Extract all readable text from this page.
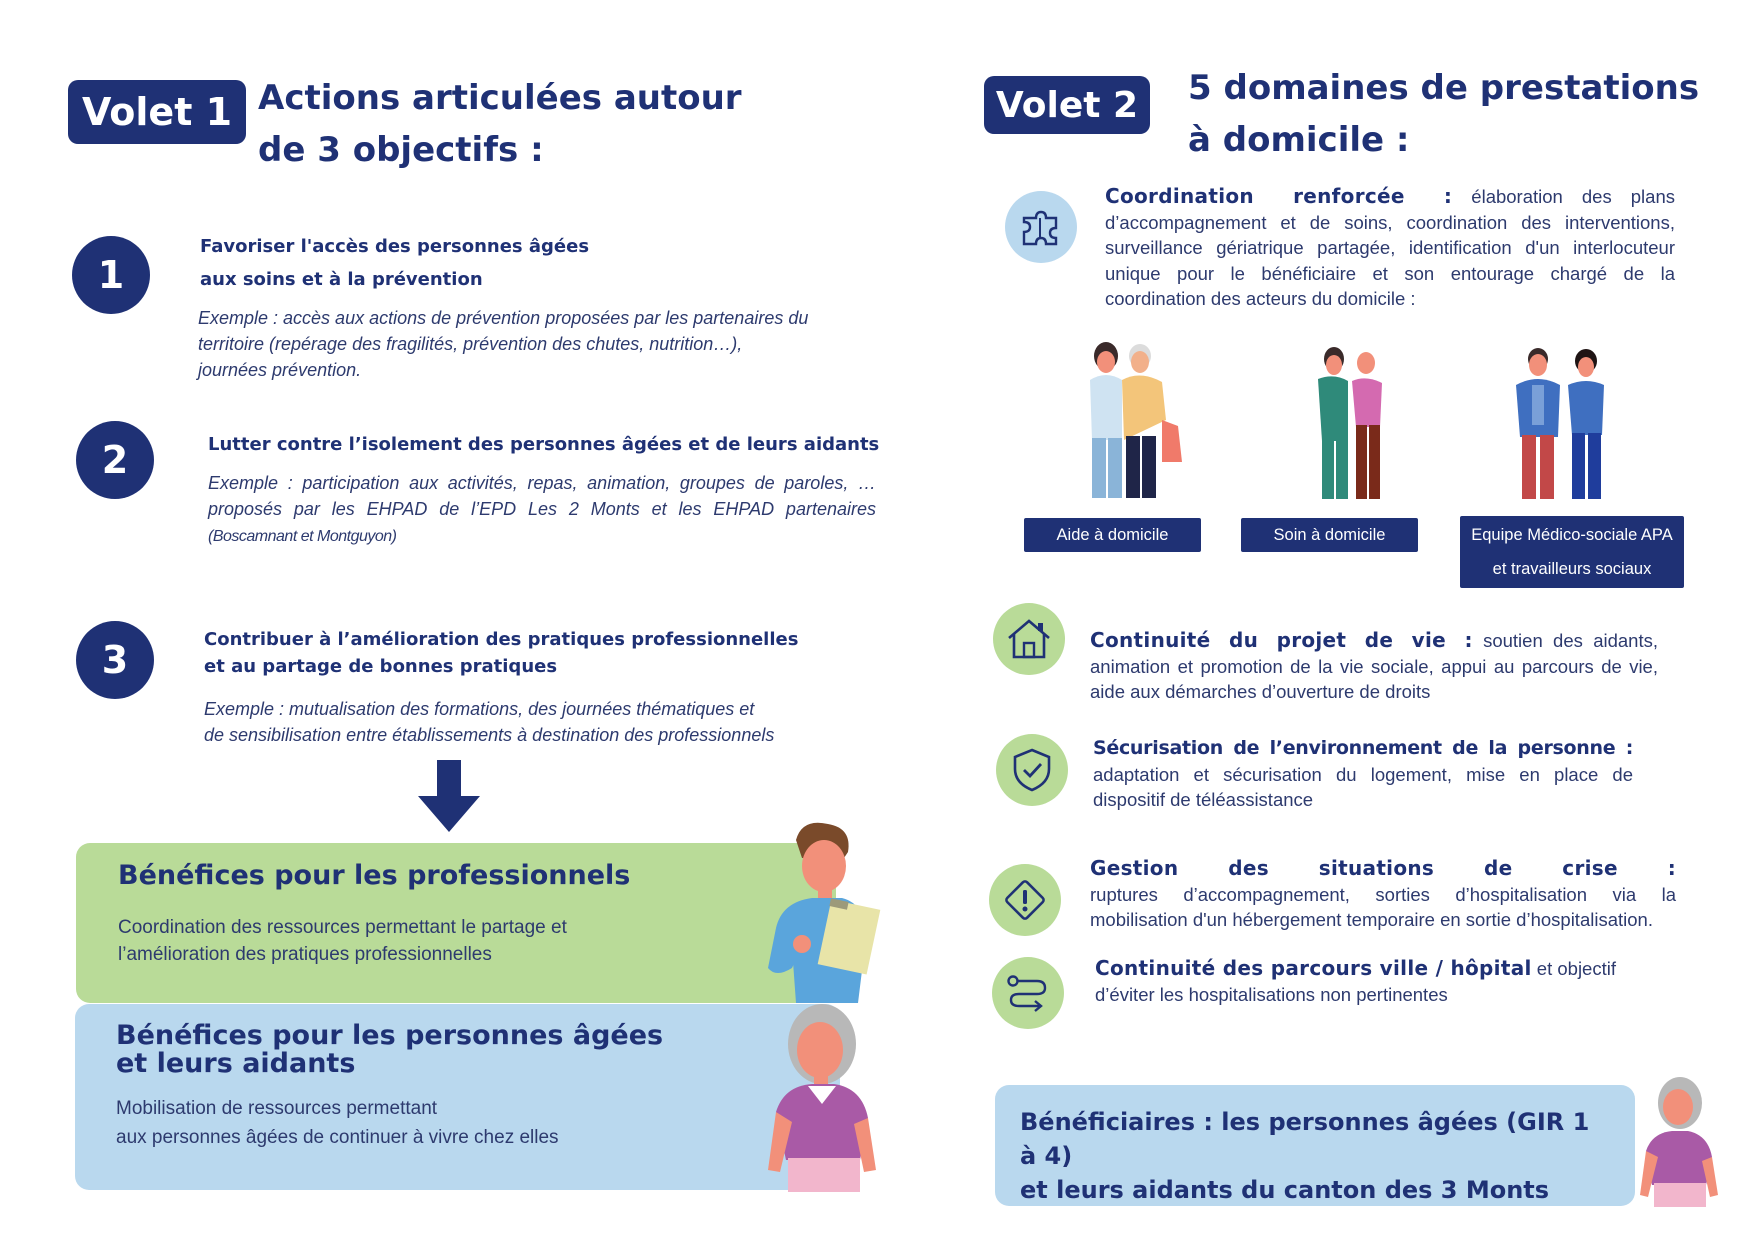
Volet 1 Actions articulées autour
de 3 objectifs :
1
Favoriser l'accès des personnes âgées
aux soins et à la prévention
Exemple : accès aux actions de prévention proposées par les partenaires du
territoire (repérage des fragilités, prévention des chutes, nutrition…),
journées prévention.
2	Lutter contre l’isolement des personnes âgées et de leurs aidants
Exemple : participation aux activités, repas, animation, groupes de paroles, … proposés par les EHPAD de l’EPD Les 2 Monts et les EHPAD partenaires (Boscamnant et Montguyon)
3	Contribuer à l’amélioration des pratiques professionnelles
et au partage de bonnes pratiques
Exemple : mutualisation des formations, des journées thématiques et
de sensibilisation entre établissements à destination des professionnels
Bénéfices pour les professionnels
Coordination des ressources permettant le partage et
l’amélioration des pratiques professionnelles
Bénéfices pour les personnes âgées
et leurs aidants
Mobilisation de ressources permettant
aux personnes âgées de continuer à vivre chez elles
Volet 2	5 domaines de prestations
à domicile :
Coordination renforcée : élaboration des plans d’accompagnement et de soins, coordination des interventions, surveillance gériatrique partagée, identification d'un interlocuteur unique pour le bénéficiaire et son entourage chargé de la coordination des acteurs du domicile :
Aide à domicile	Soin à domicile	Equipe Médico-sociale APA
et travailleurs sociaux
Continuité du projet de vie : soutien des aidants, animation et promotion de la vie sociale, appui au parcours de vie, aide aux démarches d’ouverture de droits
Sécurisation de l’environnement de la personne : adaptation et sécurisation du logement, mise en place de dispositif de téléassistance
Gestion des situations de crise : ruptures d’accompagnement, sorties d’hospitalisation via la mobilisation d'un hébergement temporaire en sortie d’hospitalisation.
Continuité des parcours ville / hôpital et objectif d’éviter les hospitalisations non pertinentes
Bénéficiaires : les personnes âgées (GIR 1 à 4)
et leurs aidants du canton des 3 Monts
